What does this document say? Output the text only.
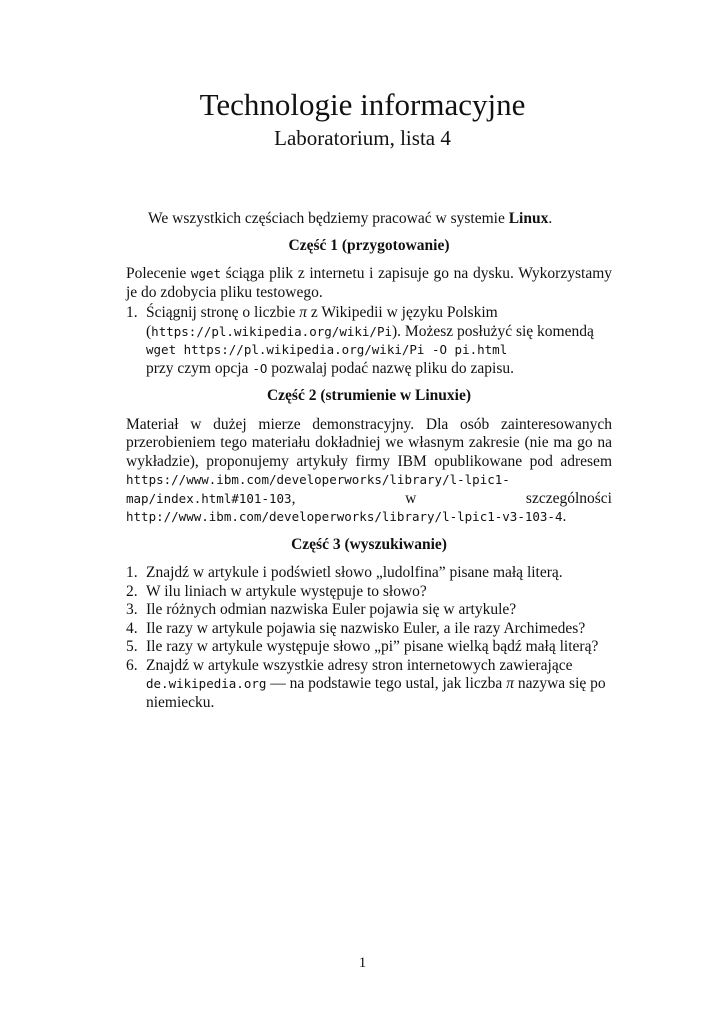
Technologie informacyjne
Laboratorium, lista 4

We wszystkich częściach będziemy pracować w systemie Linux.

Część 1 (przygotowanie)

Polecenie wget ściąga plik z internetu i zapisuje go na dysku. Wykorzystamy je do zdobycia pliku testowego.

1. Ściągnij stronę o liczbie π z Wikipedii w języku Polskim (https://pl.wikipedia.org/wiki/Pi). Możesz posłużyć się komendą
wget https://pl.wikipedia.org/wiki/Pi -O pi.html
przy czym opcja -O pozwalaj podać nazwę pliku do zapisu.

Część 2 (strumienie w Linuxie)

Materiał w dużej mierze demonstracyjny. Dla osób zainteresowanych przerobieniem tego materiału dokładniej we własnym zakresie (nie ma go na wykładzie), proponujemy artykuły firmy IBM opublikowane pod adresem https://www.ibm.com/developerworks/library/l-lpic1-map/index.html#101-103, w szczególności http://www.ibm.com/developerworks/library/l-lpic1-v3-103-4.

Część 3 (wyszukiwanie)

1. Znajdź w artykule i podświetl słowo „ludolfina” pisane małą literą.
2. W ilu liniach w artykule występuje to słowo?
3. Ile różnych odmian nazwiska Euler pojawia się w artykule?
4. Ile razy w artykule pojawia się nazwisko Euler, a ile razy Archimedes?
5. Ile razy w artykule występuje słowo „pi” pisane wielką bądź małą literą?
6. Znajdź w artykule wszystkie adresy stron internetowych zawierające de.wikipedia.org — na podstawie tego ustal, jak liczba π nazywa się po niemiecku.
1
